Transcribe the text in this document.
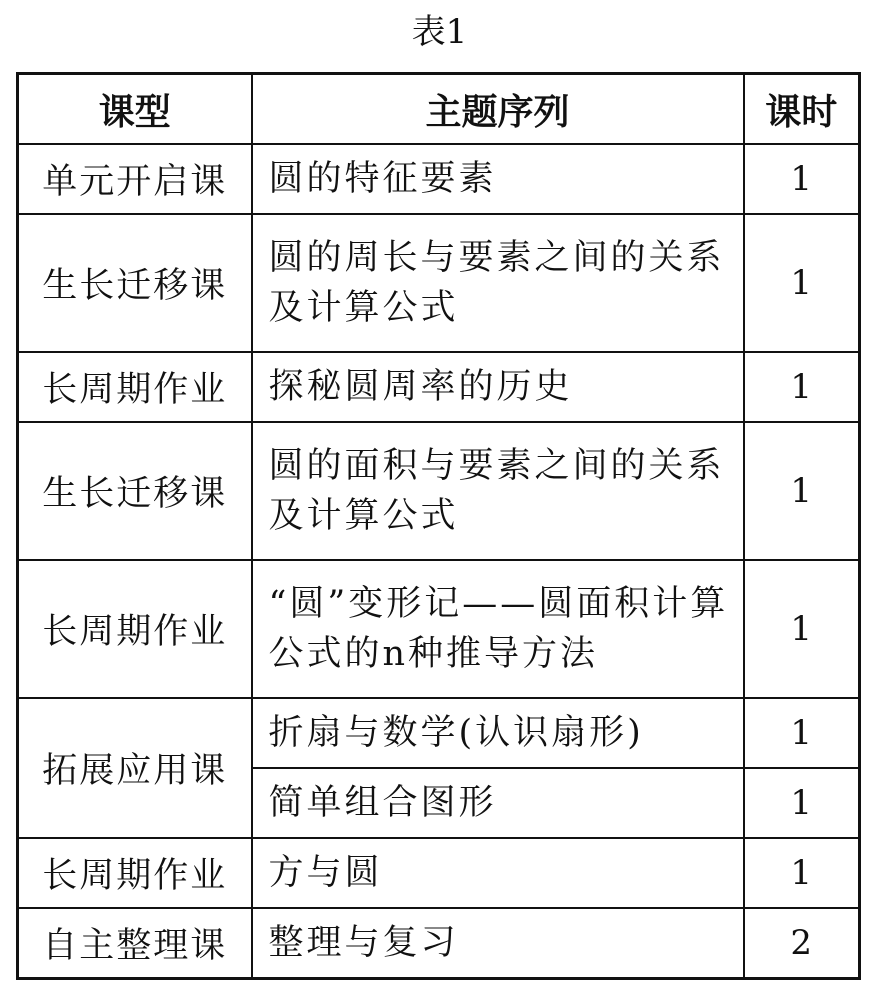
表1
课型	主题序列	课时
单元开启课	圆的特征要素	1
生长迁移课	圆的周长与要素之间的关系及计算公式	1
长周期作业	探秘圆周率的历史	1
生长迁移课	圆的面积与要素之间的关系及计算公式	1
长周期作业	“圆”变形记——圆面积计算公式的n种推导方法	1
拓展应用课	折扇与数学(认识扇形)	1
	简单组合图形	1
长周期作业	方与圆	1
自主整理课	整理与复习	2
